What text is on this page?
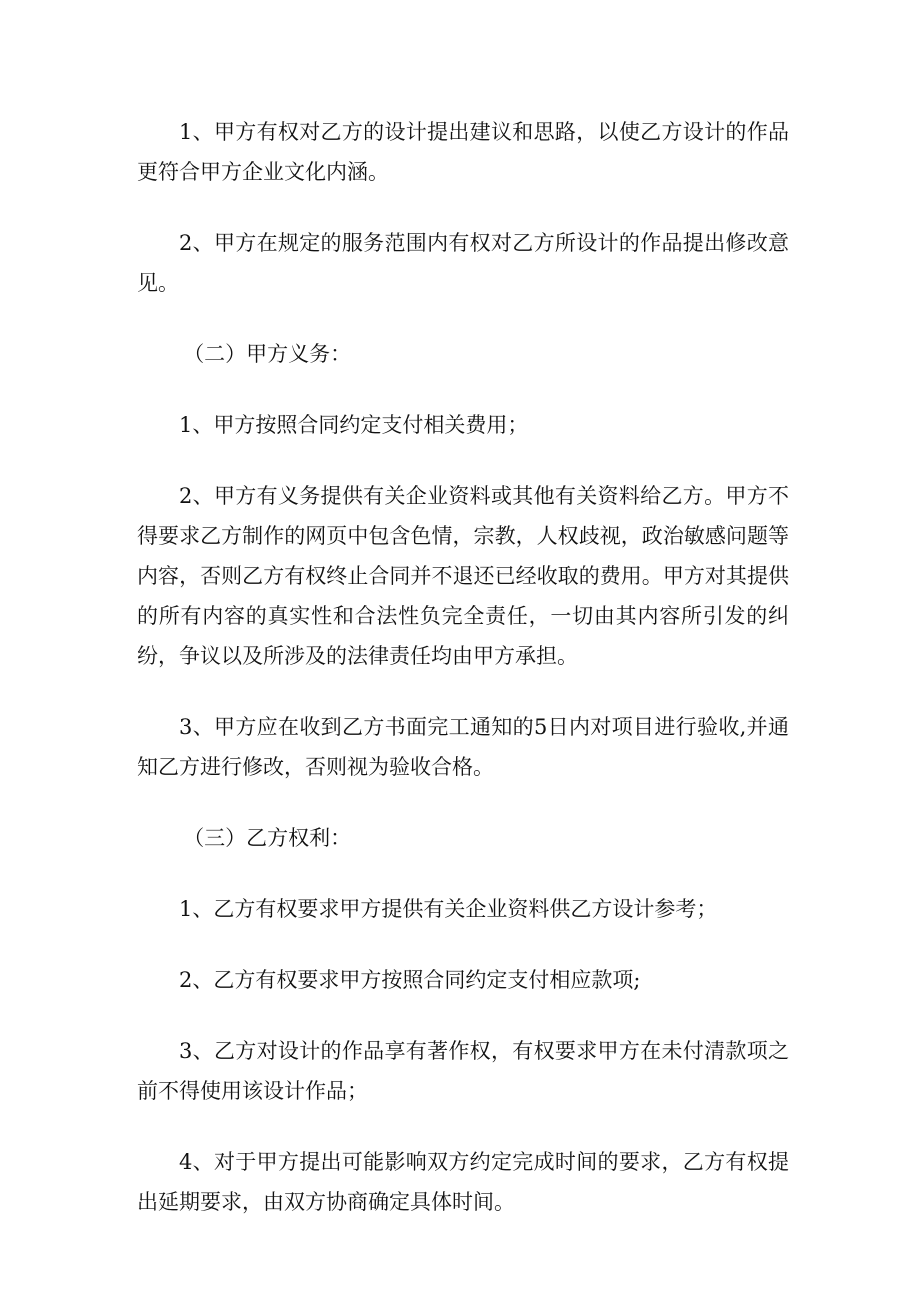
1、甲方有权对乙方的设计提出建议和思路，以使乙方设计的作品更符合甲方企业文化内涵。

2、甲方在规定的服务范围内有权对乙方所设计的作品提出修改意见。

（二）甲方义务：

1、甲方按照合同约定支付相关费用；

2、甲方有义务提供有关企业资料或其他有关资料给乙方。甲方不得要求乙方制作的网页中包含色情，宗教，人权歧视，政治敏感问题等内容，否则乙方有权终止合同并不退还已经收取的费用。甲方对其提供的所有内容的真实性和合法性负完全责任，一切由其内容所引发的纠纷，争议以及所涉及的法律责任均由甲方承担。

3、甲方应在收到乙方书面完工通知的5日内对项目进行验收,并通知乙方进行修改，否则视为验收合格。

（三）乙方权利：

1、乙方有权要求甲方提供有关企业资料供乙方设计参考；

2、乙方有权要求甲方按照合同约定支付相应款项;

3、乙方对设计的作品享有著作权，有权要求甲方在未付清款项之前不得使用该设计作品；

4、对于甲方提出可能影响双方约定完成时间的要求，乙方有权提出延期要求，由双方协商确定具体时间。
